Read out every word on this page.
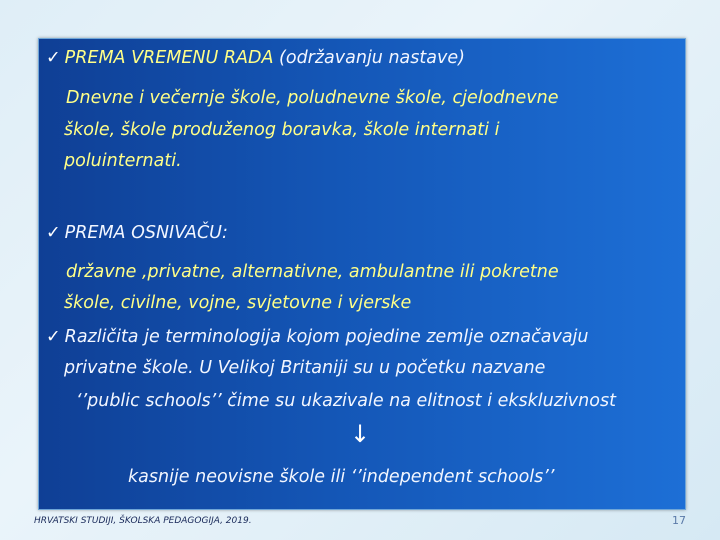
✓ PREMA VREMENU RADA (održavanju nastave)
Dnevne i večernje škole, poludnevne škole, cjelodnevne
škole, škole produženog boravka, škole internati i
poluinternati.
✓ PREMA OSNIVAČU:
državne ,privatne, alternativne, ambulantne ili pokretne
škole, civilne, vojne, svjetovne i vjerske
✓ Različita je terminologija kojom pojedine zemlje označavaju
privatne škole. U Velikoj Britaniji su u početku nazvane
‘’public schools’’ čime su ukazivale na elitnost i ekskluzivnost
↓
kasnije neovisne škole ili ‘’independent schools’’
HRVATSKI STUDIJI, ŠKOLSKA PEDAGOGIJA, 2019.	17
